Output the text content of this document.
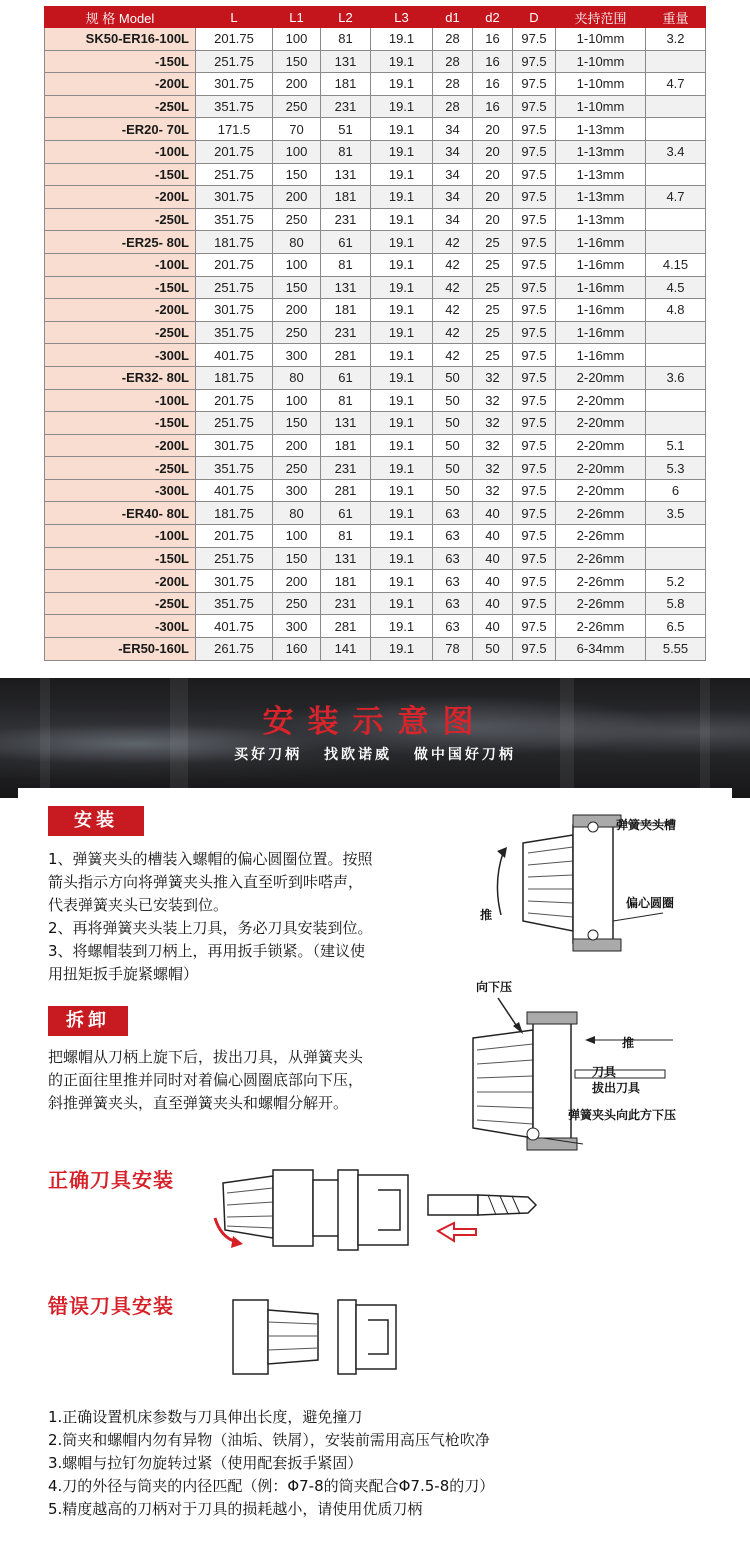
规 格 Model	L	L1	L2	L3	d1	d2	D	夹持范围	重量
SK50-ER16-100L	201.75	100	81	19.1	28	16	97.5	1-10mm	3.2
-150L	251.75	150	131	19.1	28	16	97.5	1-10mm	
-200L	301.75	200	181	19.1	28	16	97.5	1-10mm	4.7
-250L	351.75	250	231	19.1	28	16	97.5	1-10mm	
-ER20- 70L	171.5	70	51	19.1	34	20	97.5	1-13mm	
-100L	201.75	100	81	19.1	34	20	97.5	1-13mm	3.4
-150L	251.75	150	131	19.1	34	20	97.5	1-13mm	
-200L	301.75	200	181	19.1	34	20	97.5	1-13mm	4.7
-250L	351.75	250	231	19.1	34	20	97.5	1-13mm	
-ER25- 80L	181.75	80	61	19.1	42	25	97.5	1-16mm	
-100L	201.75	100	81	19.1	42	25	97.5	1-16mm	4.15
-150L	251.75	150	131	19.1	42	25	97.5	1-16mm	4.5
-200L	301.75	200	181	19.1	42	25	97.5	1-16mm	4.8
-250L	351.75	250	231	19.1	42	25	97.5	1-16mm	
-300L	401.75	300	281	19.1	42	25	97.5	1-16mm	
-ER32- 80L	181.75	80	61	19.1	50	32	97.5	2-20mm	3.6
-100L	201.75	100	81	19.1	50	32	97.5	2-20mm	
-150L	251.75	150	131	19.1	50	32	97.5	2-20mm	
-200L	301.75	200	181	19.1	50	32	97.5	2-20mm	5.1
-250L	351.75	250	231	19.1	50	32	97.5	2-20mm	5.3
-300L	401.75	300	281	19.1	50	32	97.5	2-20mm	6
-ER40- 80L	181.75	80	61	19.1	63	40	97.5	2-26mm	3.5
-100L	201.75	100	81	19.1	63	40	97.5	2-26mm	
-150L	251.75	150	131	19.1	63	40	97.5	2-26mm	
-200L	301.75	200	181	19.1	63	40	97.5	2-26mm	5.2
-250L	351.75	250	231	19.1	63	40	97.5	2-26mm	5.8
-300L	401.75	300	281	19.1	63	40	97.5	2-26mm	6.5
-ER50-160L	261.75	160	141	19.1	78	50	97.5	6-34mm	5.55
安装示意图
买好刀柄 找欧诺威 做中国好刀柄
安装
1、弹簧夹头的槽装入螺帽的偏心圆圈位置。按照
箭头指示方向将弹簧夹头推入直至听到咔嗒声，
代表弹簧夹头已安装到位。
2、再将弹簧夹头装上刀具，务必刀具安装到位。
3、将螺帽装到刀柄上，再用扳手锁紧。（建议使
用扭矩扳手旋紧螺帽）
弹簧夹头槽
偏心圆圈
推
拆卸
把螺帽从刀柄上旋下后，拔出刀具，从弹簧夹头
的正面往里推并同时对着偏心圆圈底部向下压，
斜推弹簧夹头，直至弹簧夹头和螺帽分解开。
向下压
推
刀具
拔出刀具
弹簧夹头向此方下压
正确刀具安装
错误刀具安装
1.正确设置机床参数与刀具伸出长度，避免撞刀
2.筒夹和螺帽内勿有异物（油垢、铁屑），安装前需用高压气枪吹净
3.螺帽与拉钉勿旋转过紧（使用配套扳手紧固）
4.刀的外径与筒夹的内径匹配（例：Φ7-8的筒夹配合Φ7.5-8的刀）
5.精度越高的刀柄对于刀具的损耗越小，请使用优质刀柄
